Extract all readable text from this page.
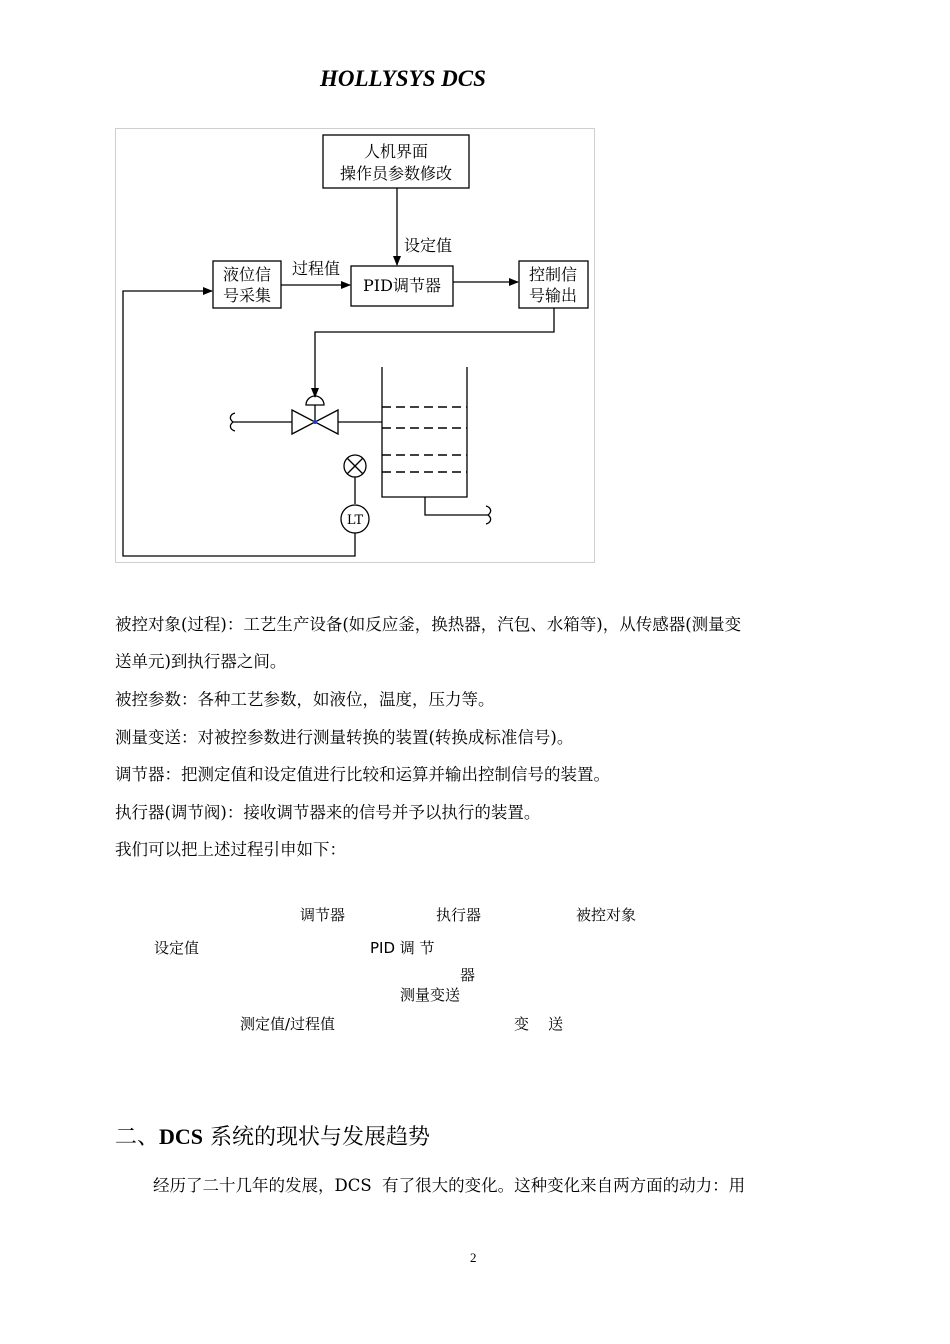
HOLLYSYS DCS
人机界面
操作员参数修改
设定值
过程值
液位信
号采集
PID调节器
控制信
号输出
LT
被控对象(过程)：工艺生产设备(如反应釜，换热器，汽包、水箱等)，从传感器(测量变
送单元)到执行器之间。
被控参数：各种工艺参数，如液位，温度，压力等。
测量变送：对被控参数进行测量转换的装置(转换成标准信号)。
调节器：把测定值和设定值进行比较和运算并输出控制信号的装置。
执行器(调节阀)：接收调节器来的信号并予以执行的装置。
我们可以把上述过程引申如下：
调节器	执行器	被控对象
设定值	PID 调 节
器
测量变送
测定值/过程值	变    送
二、DCS 系统的现状与发展趋势
经历了二十几年的发展，DCS  有了很大的变化。这种变化来自两方面的动力：用
2
